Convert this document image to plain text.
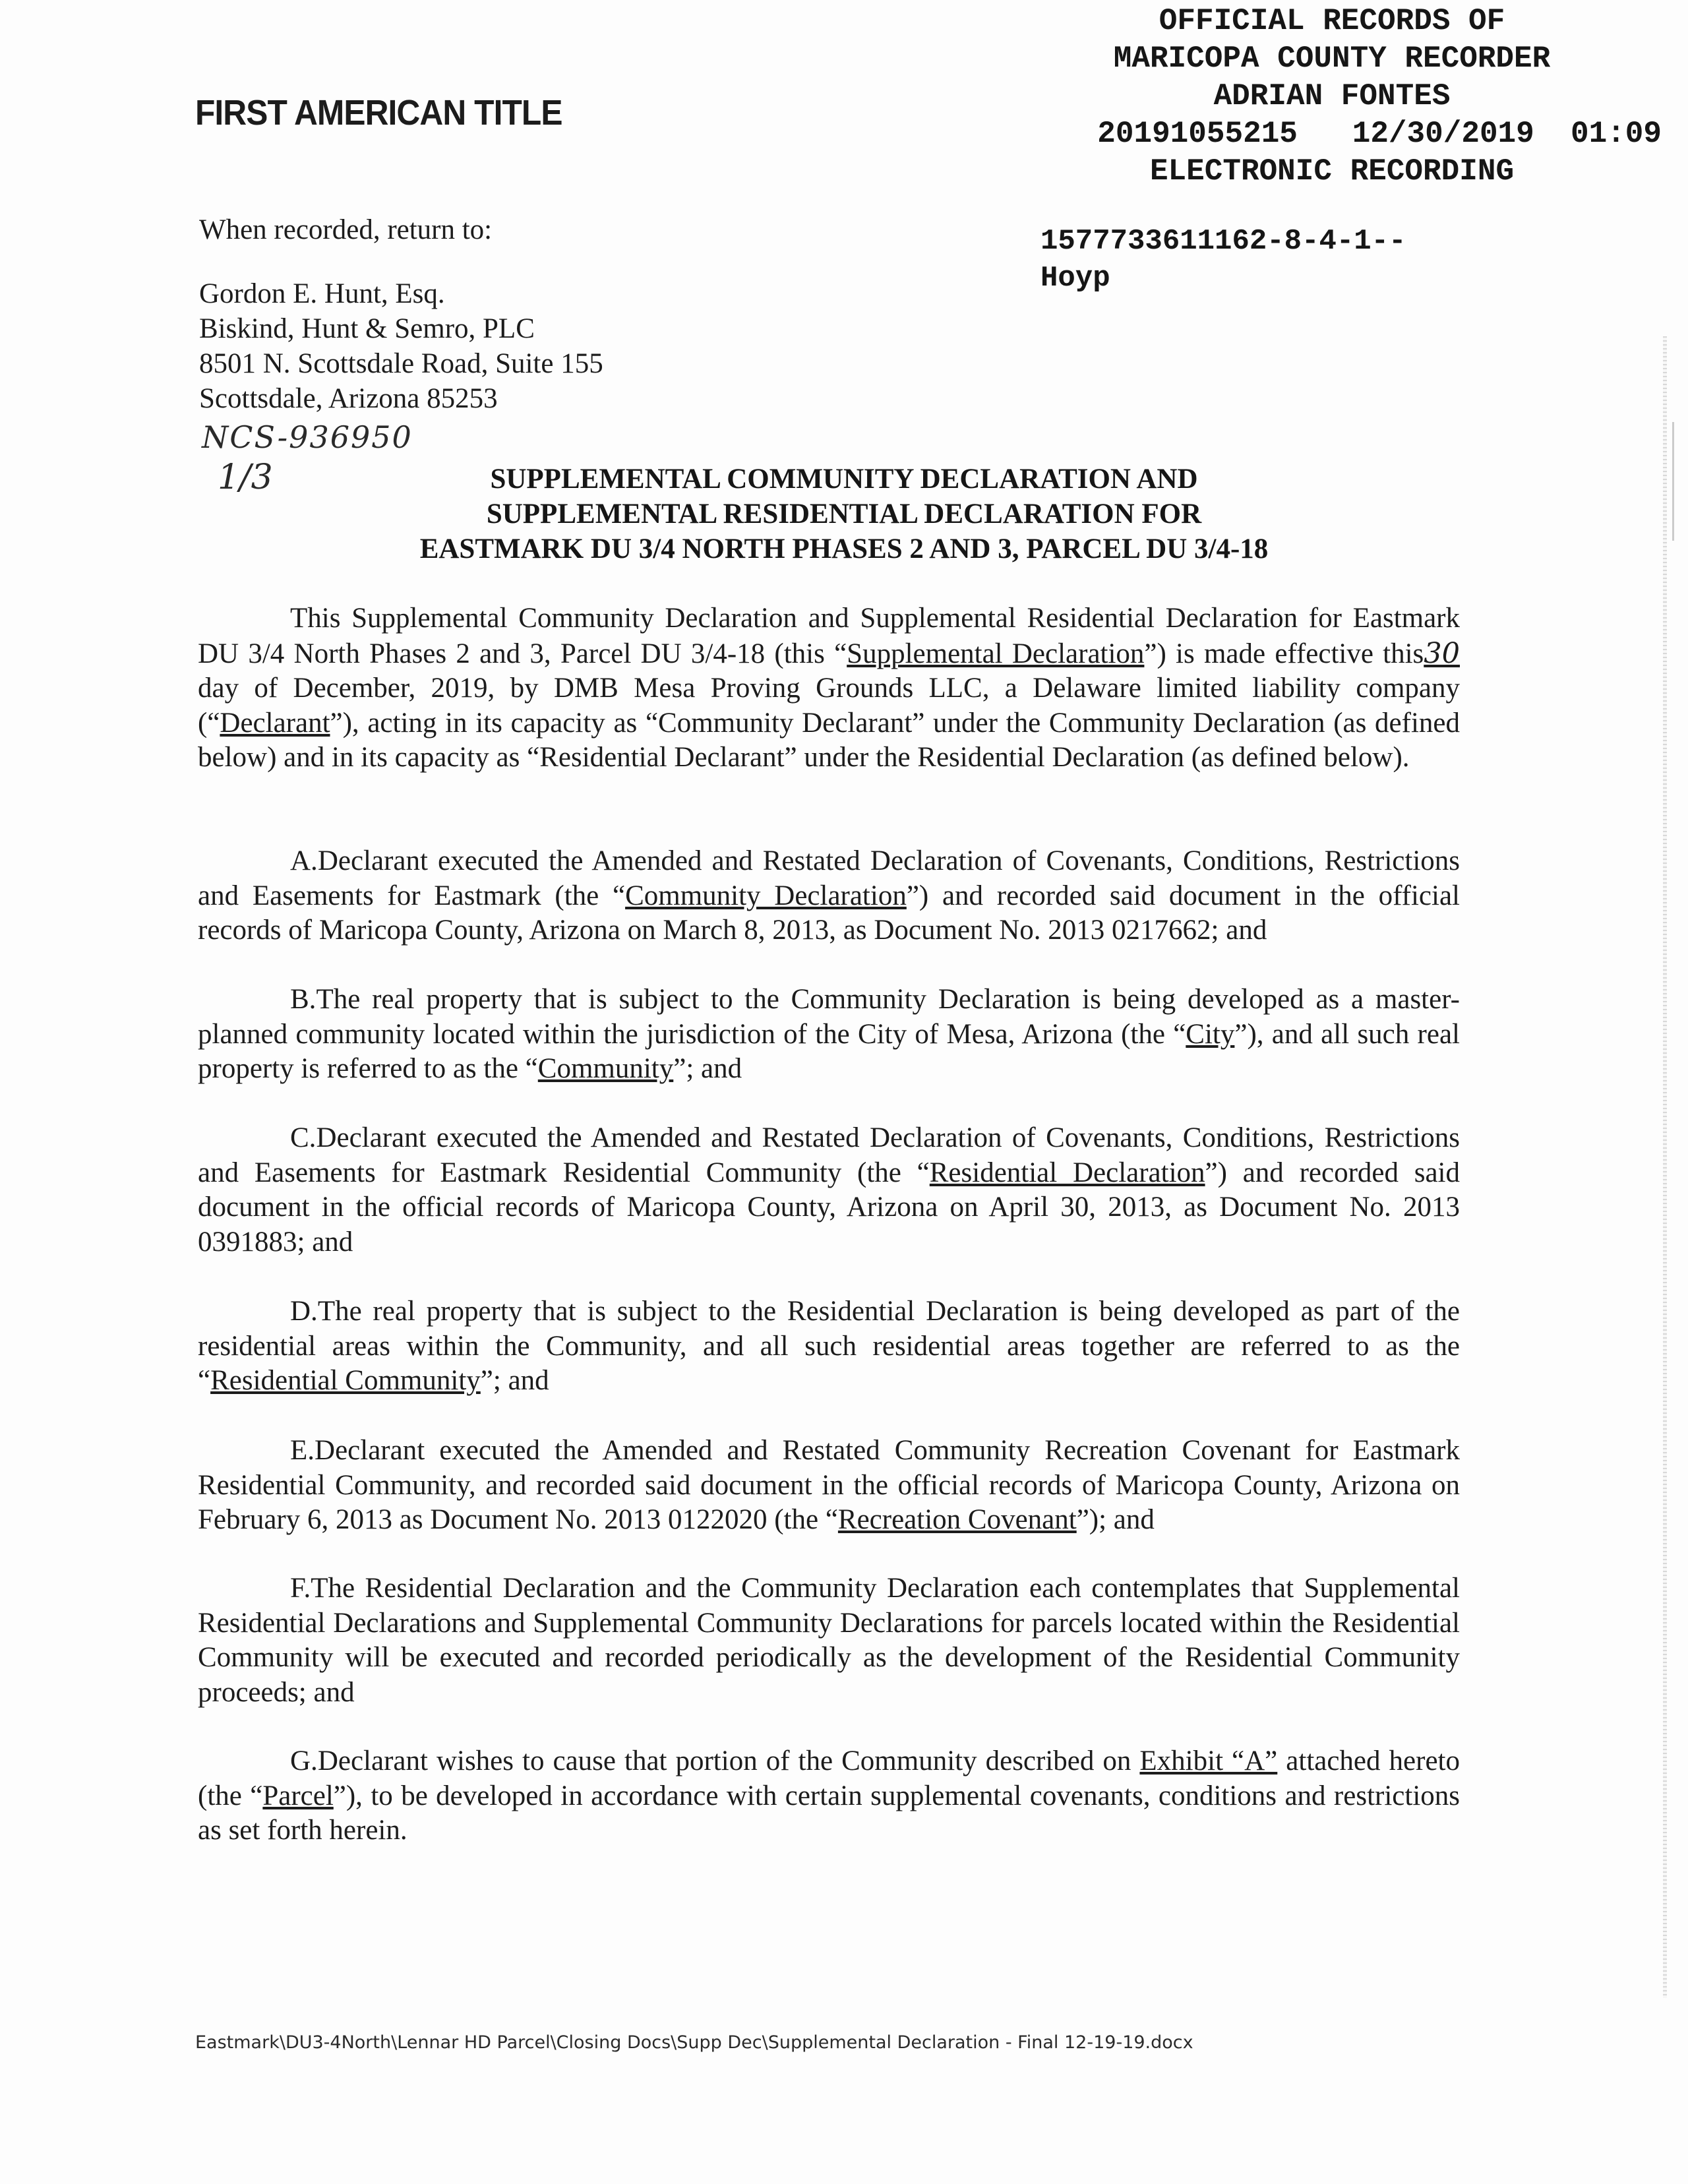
FIRST AMERICAN TITLE
OFFICIAL RECORDS OF
MARICOPA COUNTY RECORDER
ADRIAN FONTES
20191055215   12/30/2019  01:09
ELECTRONIC RECORDING
When recorded, return to:
Gordon E. Hunt, Esq.
Biskind, Hunt & Semro, PLC
8501 N. Scottsdale Road, Suite 155
Scottsdale, Arizona 85253
1577733611162-8-4-1--
Hoyp
NCS-936950
1/3	SUPPLEMENTAL COMMUNITY DECLARATION AND
SUPPLEMENTAL RESIDENTIAL DECLARATION FOR
EASTMARK DU 3/4 NORTH PHASES 2 AND 3, PARCEL DU 3/4-18

This Supplemental Community Declaration and Supplemental Residential Declaration for Eastmark DU 3/4 North Phases 2 and 3, Parcel DU 3/4-18 (this “Supplemental Declaration”) is made effective this30 day of December, 2019, by DMB Mesa Proving Grounds LLC, a Delaware limited liability company (“Declarant”), acting in its capacity as “Community Declarant” under the Community Declaration (as defined below) and in its capacity as “Residential Declarant” under the Residential Declaration (as defined below).

A.Declarant executed the Amended and Restated Declaration of Covenants, Conditions, Restrictions and Easements for Eastmark (the “Community Declaration”) and recorded said document in the official records of Maricopa County, Arizona on March 8, 2013, as Document No. 2013 0217662; and

B.The real property that is subject to the Community Declaration is being developed as a master-planned community located within the jurisdiction of the City of Mesa, Arizona (the “City”), and all such real property is referred to as the “Community”; and

C.Declarant executed the Amended and Restated Declaration of Covenants, Conditions, Restrictions and Easements for Eastmark Residential Community (the “Residential Declaration”) and recorded said document in the official records of Maricopa County, Arizona on April 30, 2013, as Document No. 2013 0391883; and

D.The real property that is subject to the Residential Declaration is being developed as part of the residential areas within the Community, and all such residential areas together are referred to as the “Residential Community”; and

E.Declarant executed the Amended and Restated Community Recreation Covenant for Eastmark Residential Community, and recorded said document in the official records of Maricopa County, Arizona on February 6, 2013 as Document No. 2013 0122020 (the “Recreation Covenant”); and

F.The Residential Declaration and the Community Declaration each contemplates that Supplemental Residential Declarations and Supplemental Community Declarations for parcels located within the Residential Community will be executed and recorded periodically as the development of the Residential Community proceeds; and

G.Declarant wishes to cause that portion of the Community described on Exhibit “A” attached hereto (the “Parcel”), to be developed in accordance with certain supplemental covenants, conditions and restrictions as set forth herein.

Eastmark\DU3-4North\Lennar HD Parcel\Closing Docs\Supp Dec\Supplemental Declaration - Final 12-19-19.docx
